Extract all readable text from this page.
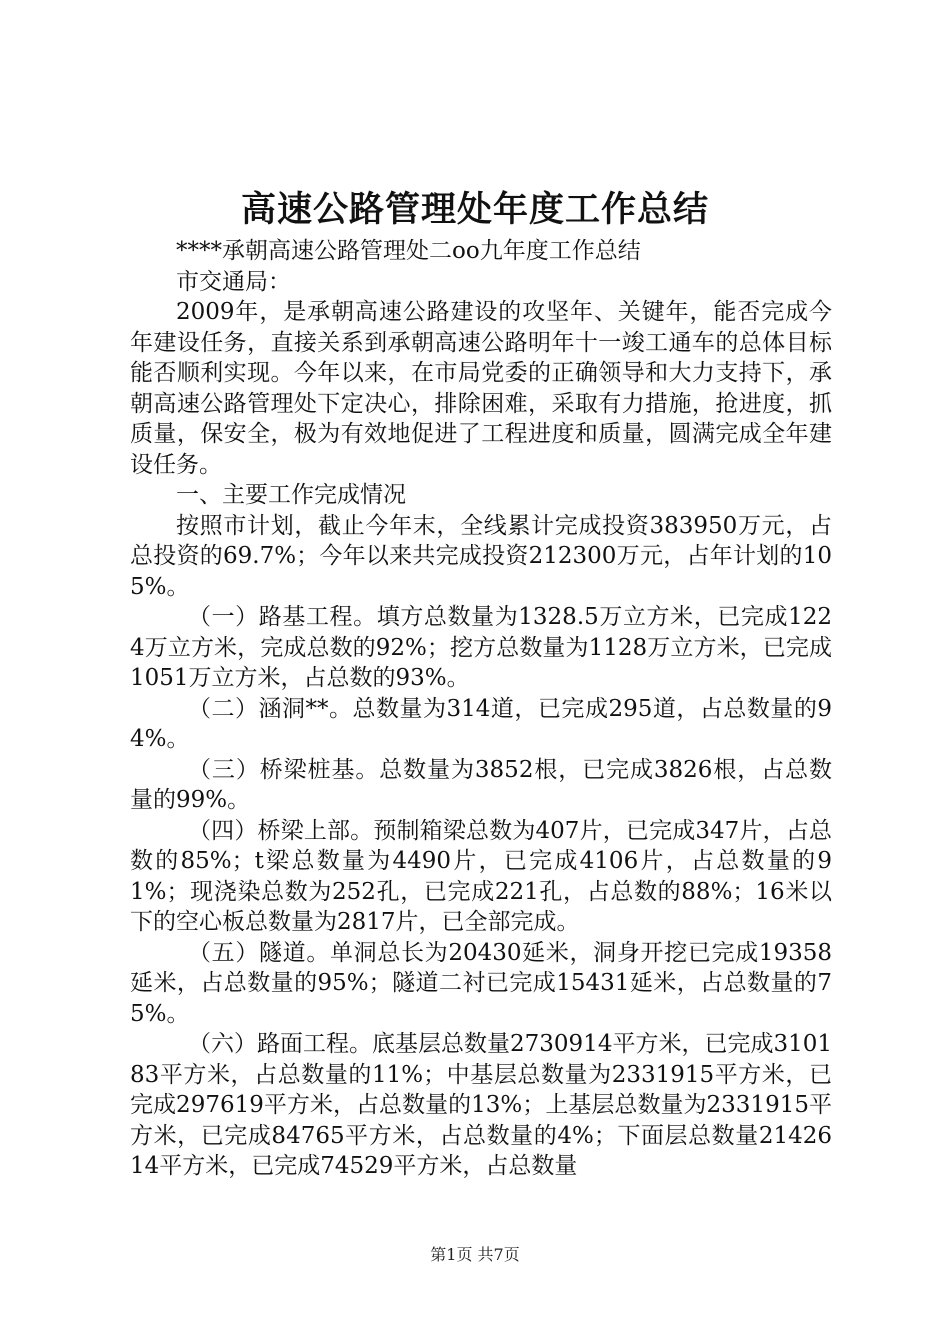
高速公路管理处年度工作总结

****承朝高速公路管理处二oo九年度工作总结

市交通局：

2009年，是承朝高速公路建设的攻坚年、关键年，能否完成今年建设任务，直接关系到承朝高速公路明年十一竣工通车的总体目标能否顺利实现。今年以来，在市局党委的正确领导和大力支持下，承朝高速公路管理处下定决心，排除困难，采取有力措施，抢进度，抓质量，保安全，极为有效地促进了工程进度和质量，圆满完成全年建设任务。

一、主要工作完成情况

按照市计划，截止今年末，全线累计完成投资383950万元，占总投资的69.7%；今年以来共完成投资212300万元，占年计划的105%。

（一）路基工程。填方总数量为1328.5万立方米，已完成1224万立方米，完成总数的92%；挖方总数量为1128万立方米，已完成1051万立方米，占总数的93%。

（二）涵洞**。总数量为314道，已完成295道，占总数量的94%。

（三）桥梁桩基。总数量为3852根，已完成3826根，占总数量的99%。

（四）桥梁上部。预制箱梁总数为407片，已完成347片，占总数的85%；t梁总数量为4490片，已完成4106片，占总数量的91%；现浇染总数为252孔，已完成221孔，占总数的88%；16米以下的空心板总数量为2817片，已全部完成。

（五）隧道。单洞总长为20430延米，洞身开挖已完成19358延米，占总数量的95%；隧道二衬已完成15431延米，占总数量的75%。

（六）路面工程。底基层总数量2730914平方米，已完成310183平方米，占总数量的11%；中基层总数量为2331915平方米，已完成297619平方米，占总数量的13%；上基层总数量为2331915平方米，已完成84765平方米，占总数量的4%；下面层总数量2142614平方米，已完成74529平方米，占总数量

第1页 共7页
